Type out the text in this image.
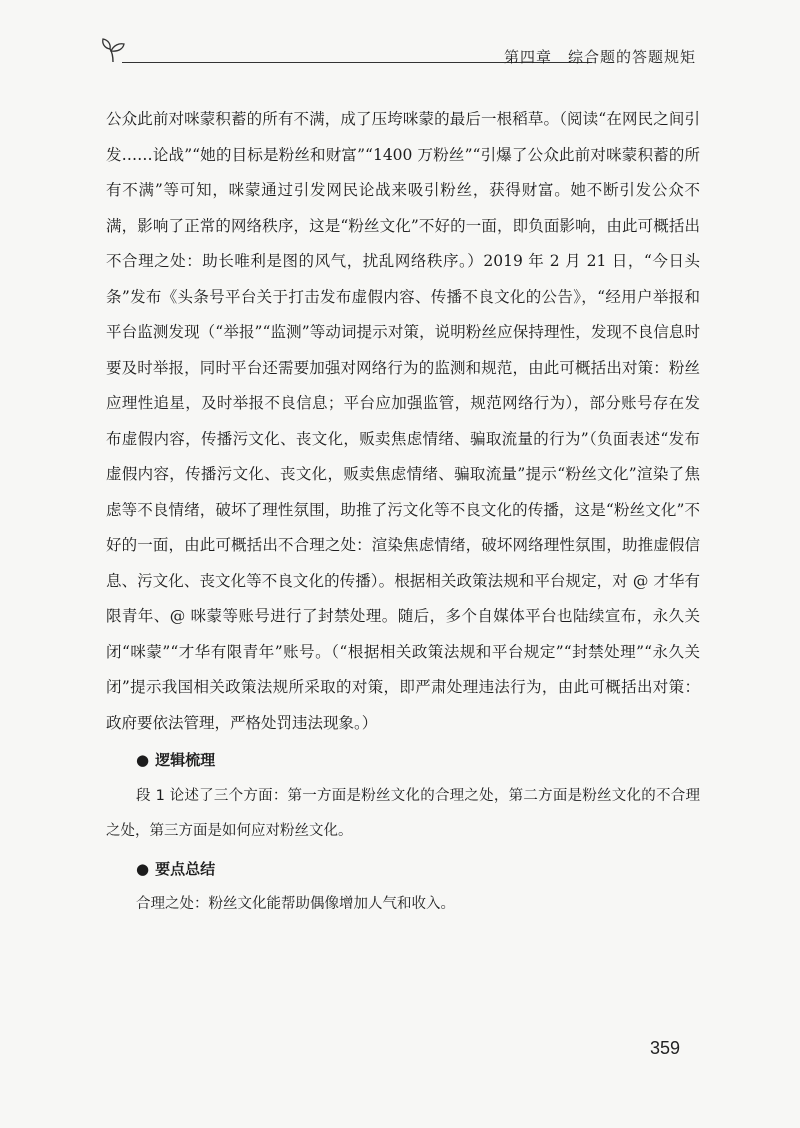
第四章　综合题的答题规矩

公众此前对咪蒙积蓄的所有不满，成了压垮咪蒙的最后一根稻草。（阅读“在网民之间引发……论战”“她的目标是粉丝和财富”“1400 万粉丝”“引爆了公众此前对咪蒙积蓄的所有不满”等可知，咪蒙通过引发网民论战来吸引粉丝，获得财富。她不断引发公众不满，影响了正常的网络秩序，这是“粉丝文化”不好的一面，即负面影响，由此可概括出不合理之处：助长唯利是图的风气，扰乱网络秩序。）2019 年 2 月 21 日，“今日头条”发布《头条号平台关于打击发布虚假内容、传播不良文化的公告》，“经用户举报和平台监测发现（“举报”“监测”等动词提示对策，说明粉丝应保持理性，发现不良信息时要及时举报，同时平台还需要加强对网络行为的监测和规范，由此可概括出对策：粉丝应理性追星，及时举报不良信息；平台应加强监管，规范网络行为），部分账号存在发布虚假内容，传播污文化、丧文化，贩卖焦虑情绪、骗取流量的行为”（负面表述“发布虚假内容，传播污文化、丧文化，贩卖焦虑情绪、骗取流量”提示“粉丝文化”渲染了焦虑等不良情绪，破坏了理性氛围，助推了污文化等不良文化的传播，这是“粉丝文化”不好的一面，由此可概括出不合理之处：渲染焦虑情绪，破坏网络理性氛围，助推虚假信息、污文化、丧文化等不良文化的传播）。根据相关政策法规和平台规定，对 @ 才华有限青年、@ 咪蒙等账号进行了封禁处理。随后，多个自媒体平台也陆续宣布，永久关闭“咪蒙”“才华有限青年”账号。（“根据相关政策法规和平台规定”“封禁处理”“永久关闭”提示我国相关政策法规所采取的对策，即严肃处理违法行为，由此可概括出对策：政府要依法管理，严格处罚违法现象。）

● 逻辑梳理

段 1 论述了三个方面：第一方面是粉丝文化的合理之处，第二方面是粉丝文化的不合理之处，第三方面是如何应对粉丝文化。

● 要点总结

合理之处：粉丝文化能帮助偶像增加人气和收入。

359
